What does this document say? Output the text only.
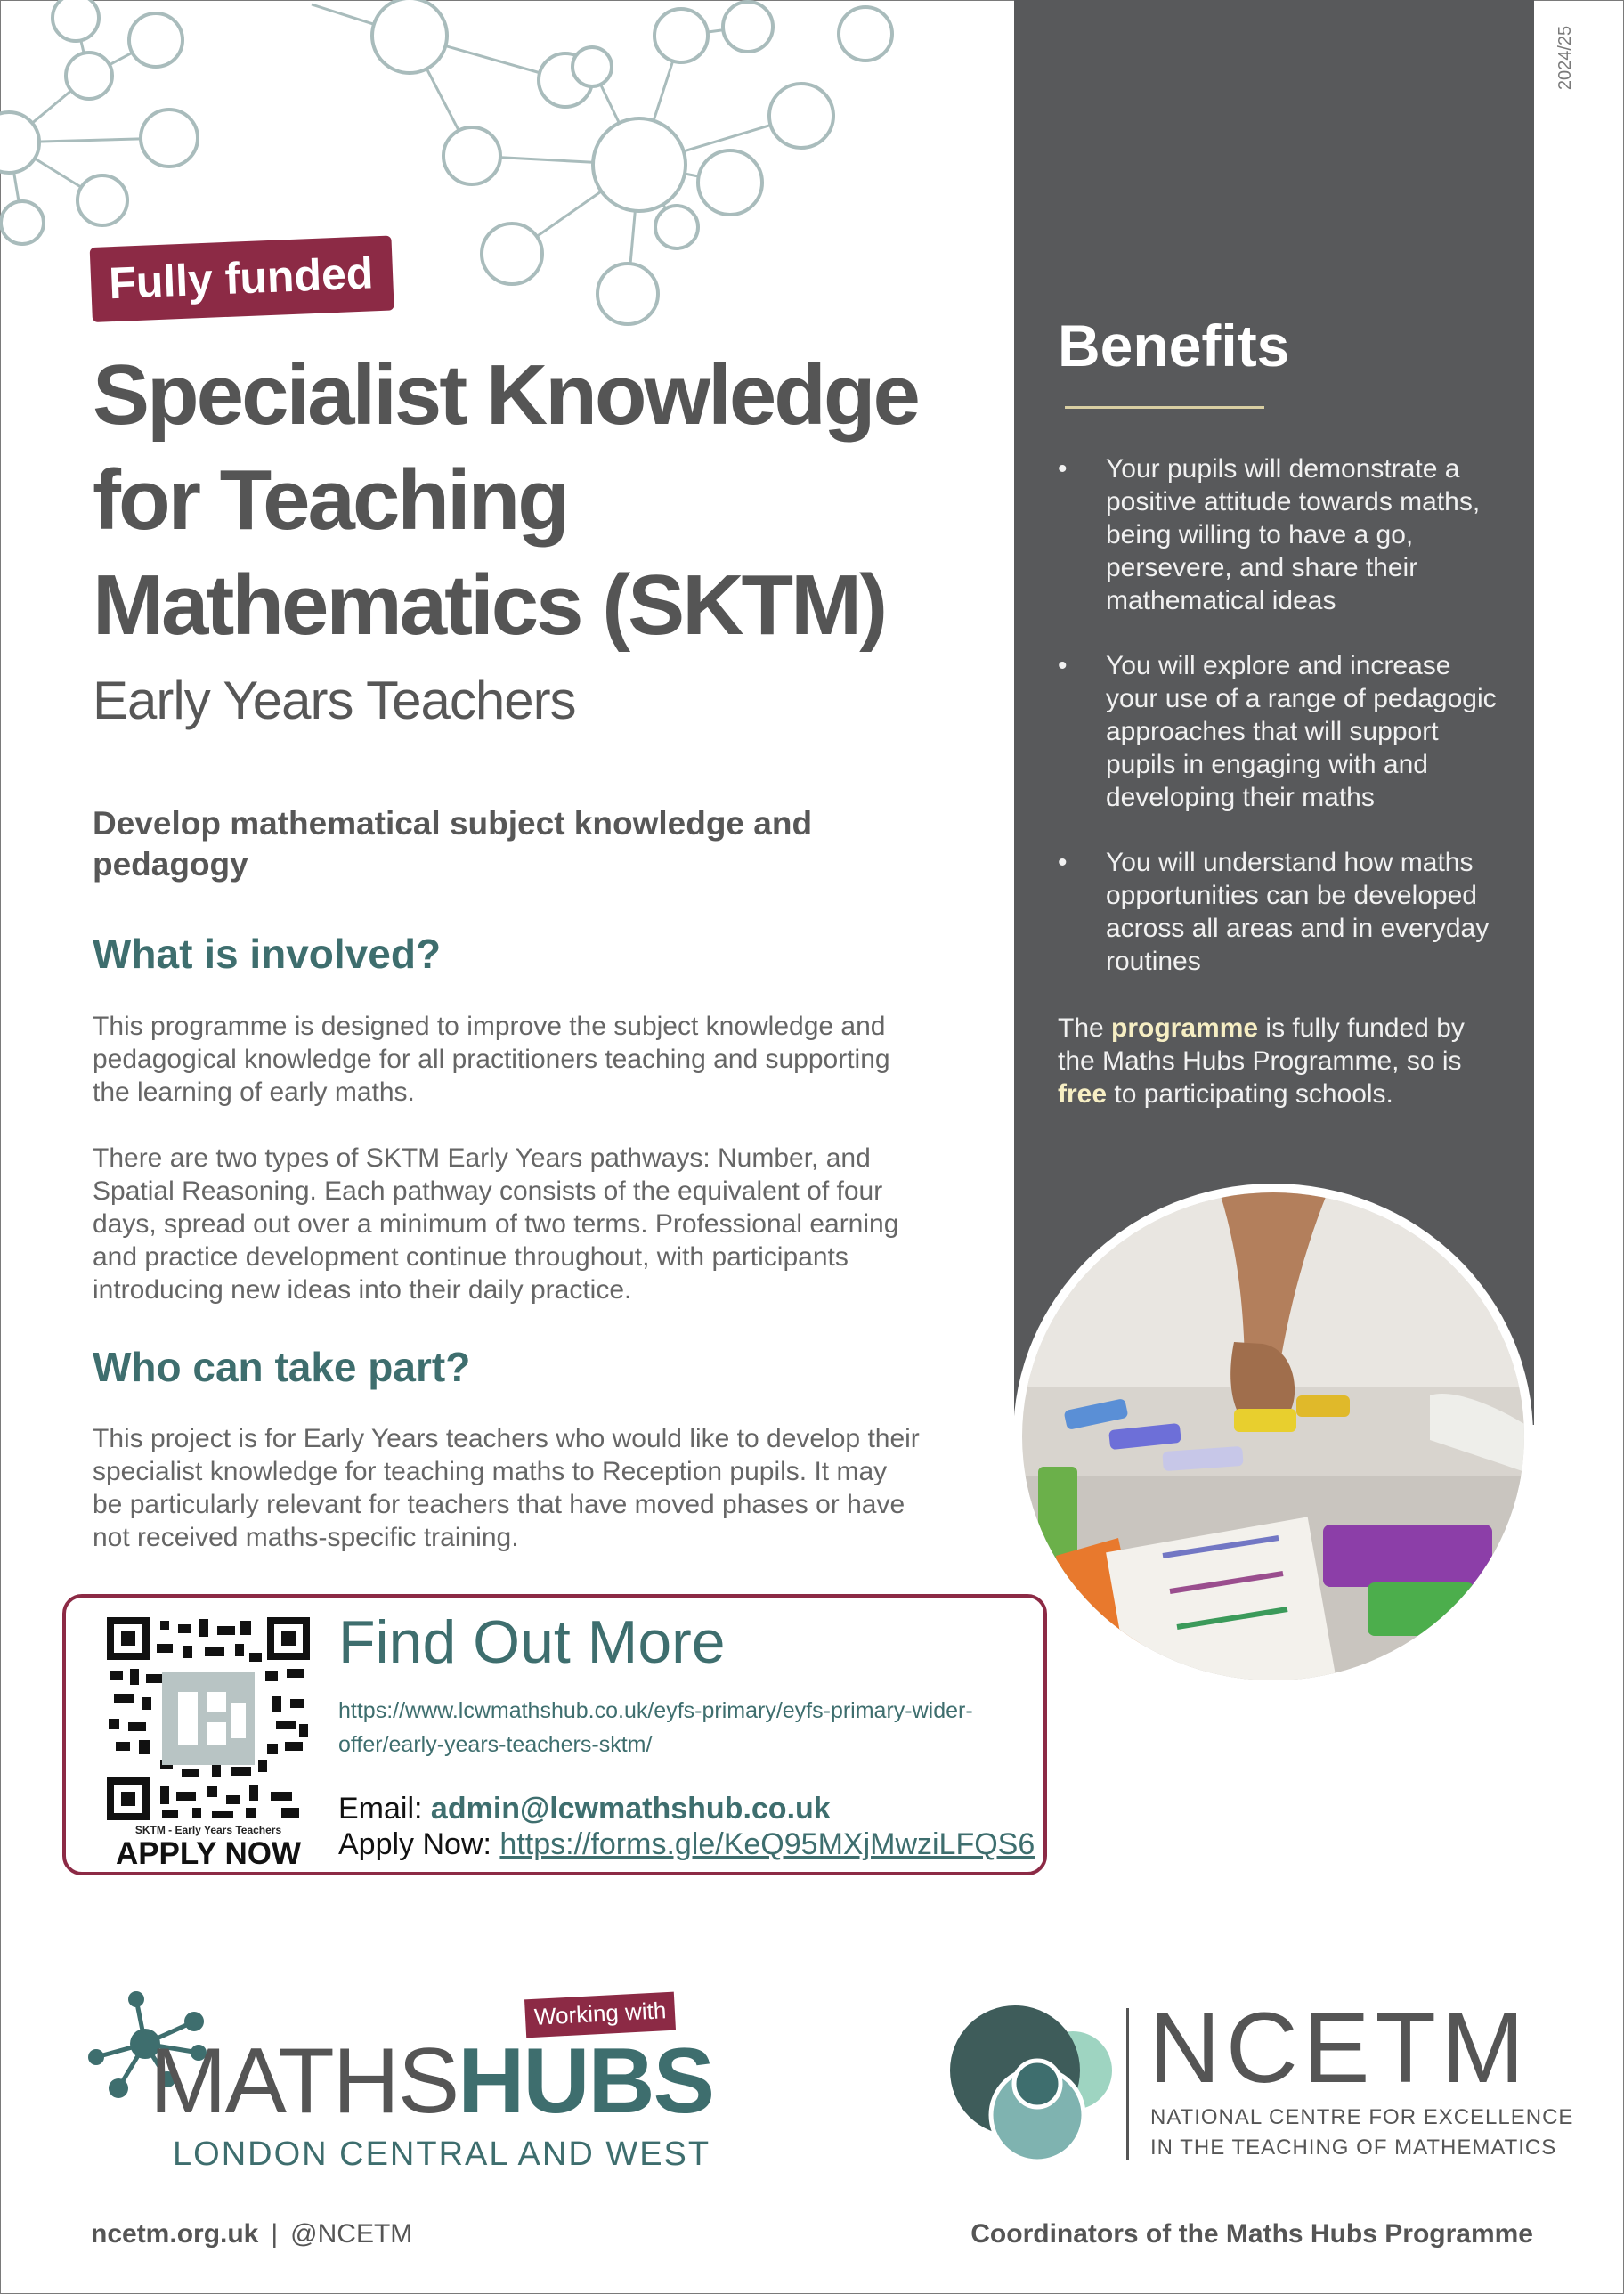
2024/25
Fully funded
Specialist Knowledge
for Teaching
Mathematics (SKTM)
Early Years Teachers
Develop mathematical subject knowledge and pedagogy
What is involved?
This programme is designed to improve the subject knowledge and pedagogical knowledge for all practitioners teaching and supporting the learning of early maths.
There are two types of SKTM Early Years pathways: Number, and Spatial Reasoning. Each pathway consists of the equivalent of four days, spread out over a minimum of two terms. Professional earning and practice development continue throughout, with participants introducing new ideas into their daily practice.
Who can take part?
This project is for Early Years teachers who would like to develop their specialist knowledge for teaching maths to Reception pupils. It may be particularly relevant for teachers that have moved phases or have not received maths-specific training.
Benefits
• Your pupils will demonstrate a positive attitude towards maths, being willing to have a go, persevere, and share their mathematical ideas
• You will explore and increase your use of a range of pedagogic approaches that will support pupils in engaging with and developing their maths
• You will understand how maths opportunities can be developed across all areas and in everyday routines
The programme is fully funded by the Maths Hubs Programme, so is free to participating schools.
SKTM - Early Years Teachers
APPLY NOW
Find Out More
https://www.lcwmathshub.co.uk/eyfs-primary/eyfs-primary-wider-offer/early-years-teachers-sktm/
Email: admin@lcwmathshub.co.uk
Apply Now: https://forms.gle/KeQ95MXjMwziLFQS6
Working with
MATHSHUBS
LONDON CENTRAL AND WEST
NCETM
NATIONAL CENTRE FOR EXCELLENCE
IN THE TEACHING OF MATHEMATICS
ncetm.org.uk | @NCETM	Coordinators of the Maths Hubs Programme
